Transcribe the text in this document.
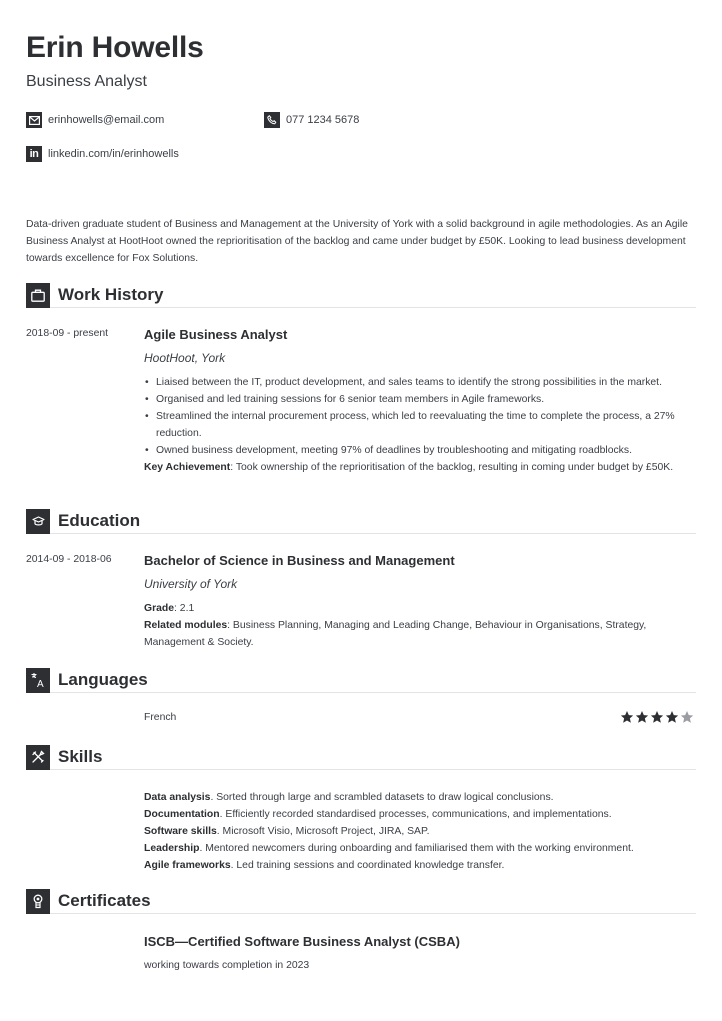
Erin Howells
Business Analyst
erinhowells@email.com	077 1234 5678
in linkedin.com/in/erinhowells
Data-driven graduate student of Business and Management at the University of York with a solid background in agile methodologies. As an Agile Business Analyst at HootHoot owned the reprioritisation of the backlog and came under budget by £50K. Looking to lead business development towards excellence for Fox Solutions.
Work History
2018-09 - present	Agile Business Analyst
HootHoot, York
• Liaised between the IT, product development, and sales teams to identify the strong possibilities in the market.
• Organised and led training sessions for 6 senior team members in Agile frameworks.
• Streamlined the internal procurement process, which led to reevaluating the time to complete the process, a 27% reduction.
• Owned business development, meeting 97% of deadlines by troubleshooting and mitigating roadblocks.
Key Achievement: Took ownership of the reprioritisation of the backlog, resulting in coming under budget by £50K.
Education
2014-09 - 2018-06	Bachelor of Science in Business and Management
University of York
Grade: 2.1
Related modules: Business Planning, Managing and Leading Change, Behaviour in Organisations, Strategy, Management & Society.
A Languages
French
Skills
Data analysis. Sorted through large and scrambled datasets to draw logical conclusions.
Documentation. Efficiently recorded standardised processes, communications, and implementations.
Software skills. Microsoft Visio, Microsoft Project, JIRA, SAP.
Leadership. Mentored newcomers during onboarding and familiarised them with the working environment.
Agile frameworks. Led training sessions and coordinated knowledge transfer.
Certificates
ISCB—Certified Software Business Analyst (CSBA)
working towards completion in 2023
